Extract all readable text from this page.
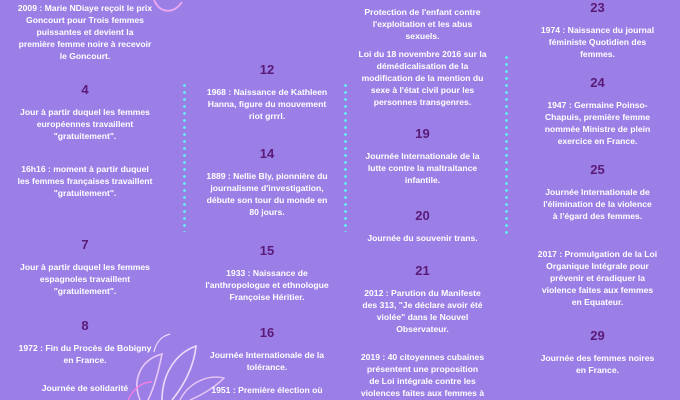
2009 : Marie NDiaye reçoit le prix
Goncourt pour Trois femmes
puissantes et devient la
première femme noire à recevoir
le Goncourt.
4
Jour à partir duquel les femmes
européennes travaillent
"gratuitement".
16h16 : moment à partir duquel
les femmes françaises travaillent
"gratuitement".
7
Jour à partir duquel les femmes
espagnoles travaillent
"gratuitement".
8
1972 : Fin du Procès de Bobigny
en France.
Journée de solidarité
12
1968 : Naissance de Kathleen
Hanna, figure du mouvement
riot grrrl.
14
1889 : Nellie Bly, pionnière du
journalisme d'investigation,
débute son tour du monde en
80 jours.
15
1933 : Naissance de
l'anthropologue et ethnologue
Françoise Héritier.
16
Journée Internationale de la
tolérance.
1951 : Première élection où
Protection de l'enfant contre
l'exploitation et les abus
sexuels.
Loi du 18 novembre 2016 sur la
démédicalisation de la
modification de la mention du
sexe à l'état civil pour les
personnes transgenres.
19
Journée Internationale de la
lutte contre la maltraitance
infantile.
20
Journée du souvenir trans.
21
2012 : Parution du Manifeste
des 313, "Je déclare avoir été
violée" dans le Nouvel
Observateur.
2019 : 40 citoyennes cubaines
présentent une proposition
de Loi intégrale contre les
violences faites aux femmes à
23
1974 : Naissance du journal
féministe Quotidien des
femmes.
24
1947 : Germaine Poinso-
Chapuis, première femme
nommée Ministre de plein
exercice en France.
25
Journée Internationale de
l'élimination de la violence
à l'égard des femmes.
2017 : Promulgation de la Loi
Organique Intégrale pour
prévenir et éradiquer la
violence faites aux femmes
en Equateur.
29
Journée des femmes noires
en France.
